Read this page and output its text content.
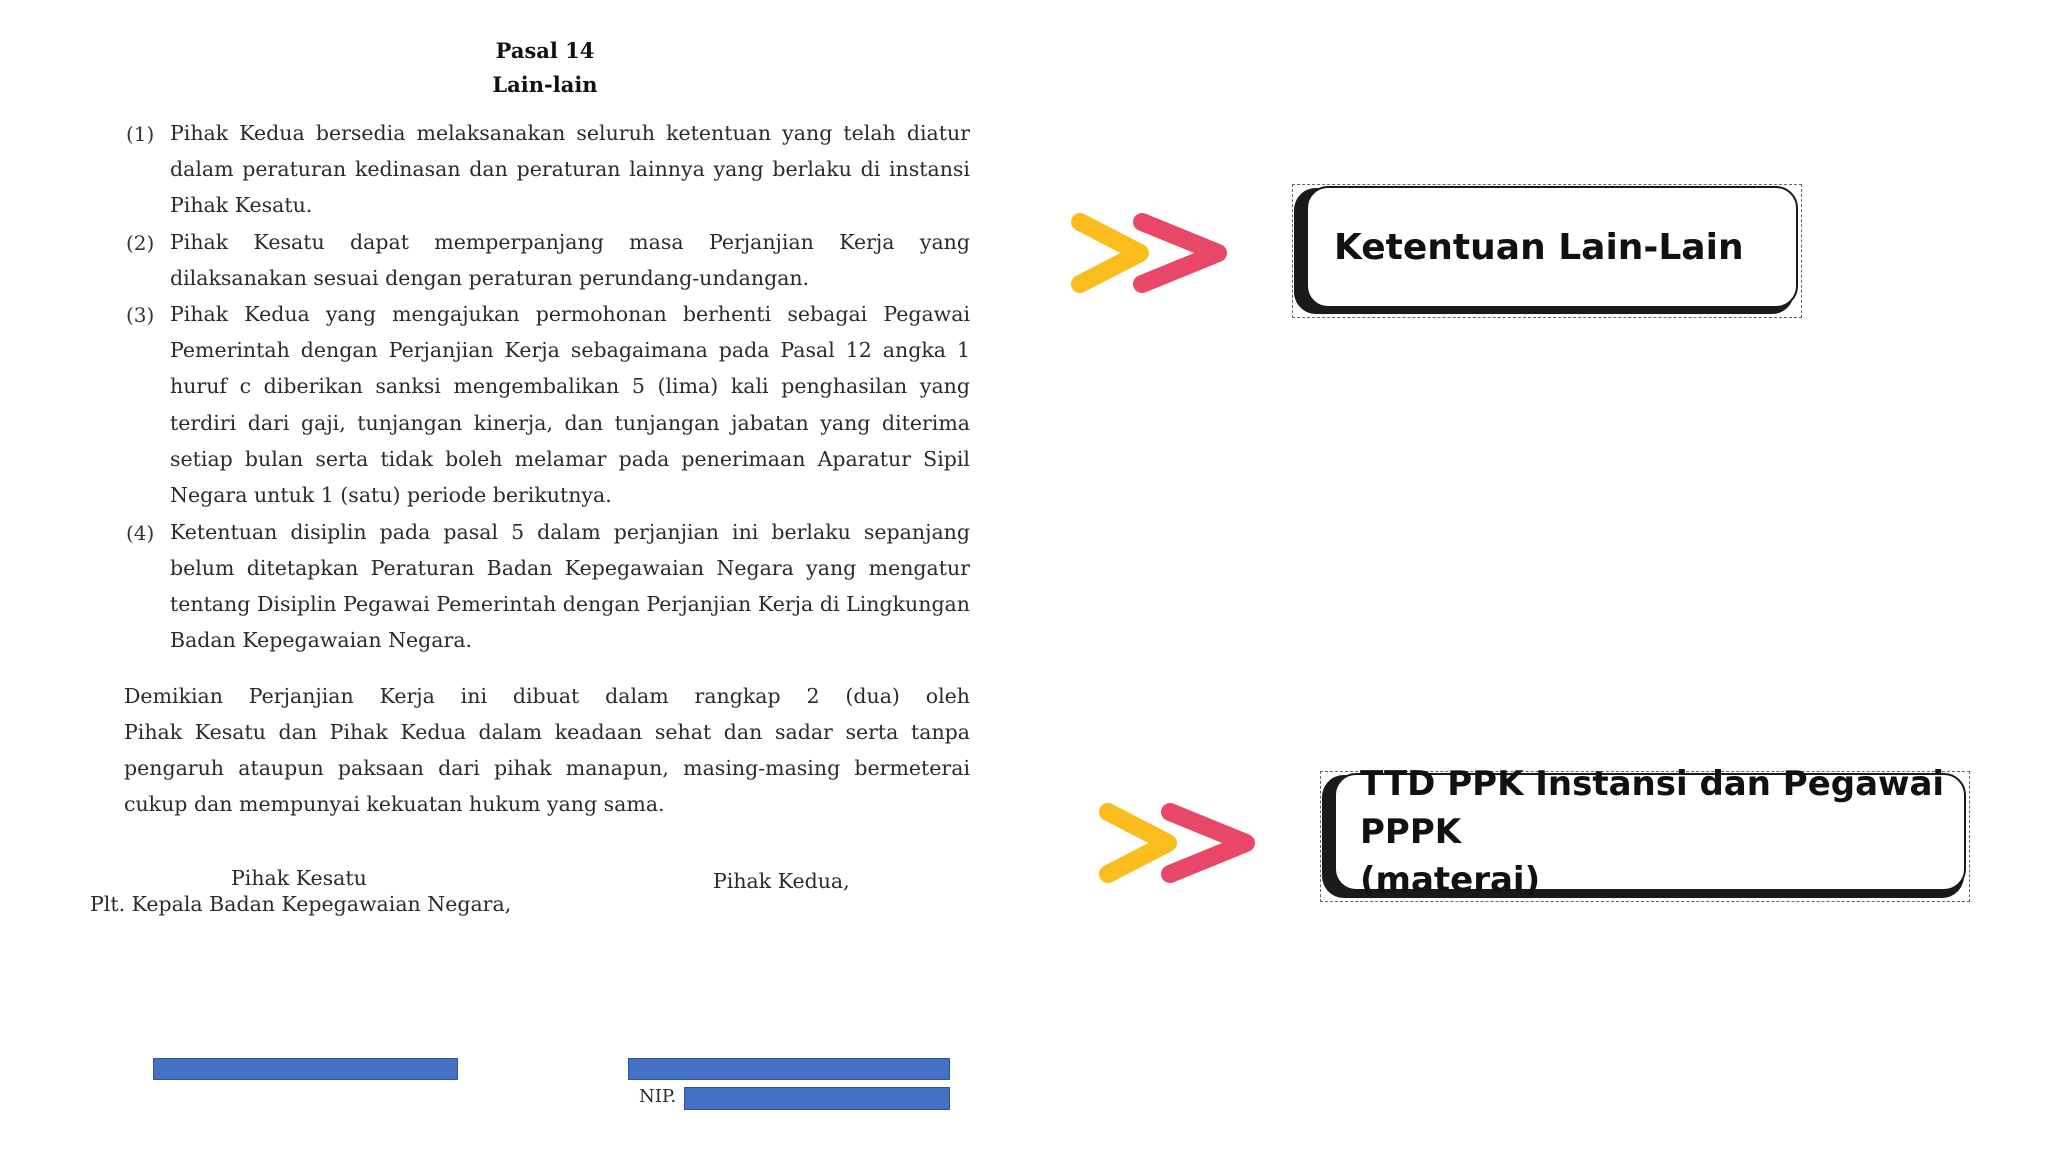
Pasal 14
Lain-lain
(1) Pihak Kedua bersedia melaksanakan seluruh ketentuan yang telah diatur
dalam peraturan kedinasan dan peraturan lainnya yang berlaku di instansi
Pihak Kesatu.
(2) Pihak Kesatu dapat memperpanjang masa Perjanjian Kerja yang
dilaksanakan sesuai dengan peraturan perundang-undangan.
(3) Pihak Kedua yang mengajukan permohonan berhenti sebagai Pegawai
Pemerintah dengan Perjanjian Kerja sebagaimana pada Pasal 12 angka 1
huruf c diberikan sanksi mengembalikan 5 (lima) kali penghasilan yang
terdiri dari gaji, tunjangan kinerja, dan tunjangan jabatan yang diterima
setiap bulan serta tidak boleh melamar pada penerimaan Aparatur Sipil
Negara untuk 1 (satu) periode berikutnya.
(4) Ketentuan disiplin pada pasal 5 dalam perjanjian ini berlaku sepanjang
belum ditetapkan Peraturan Badan Kepegawaian Negara yang mengatur
tentang Disiplin Pegawai Pemerintah dengan Perjanjian Kerja di Lingkungan
Badan Kepegawaian Negara.
Demikian Perjanjian Kerja ini dibuat dalam rangkap 2 (dua) oleh
Pihak Kesatu dan Pihak Kedua dalam keadaan sehat dan sadar serta tanpa
pengaruh ataupun paksaan dari pihak manapun, masing-masing bermeterai
cukup dan mempunyai kekuatan hukum yang sama.
Pihak Kesatu
Plt. Kepala Badan Kepegawaian Negara,
Pihak Kedua,
NIP.
Ketentuan Lain-Lain
TTD PPK Instansi dan Pegawai PPPK
(materai)
